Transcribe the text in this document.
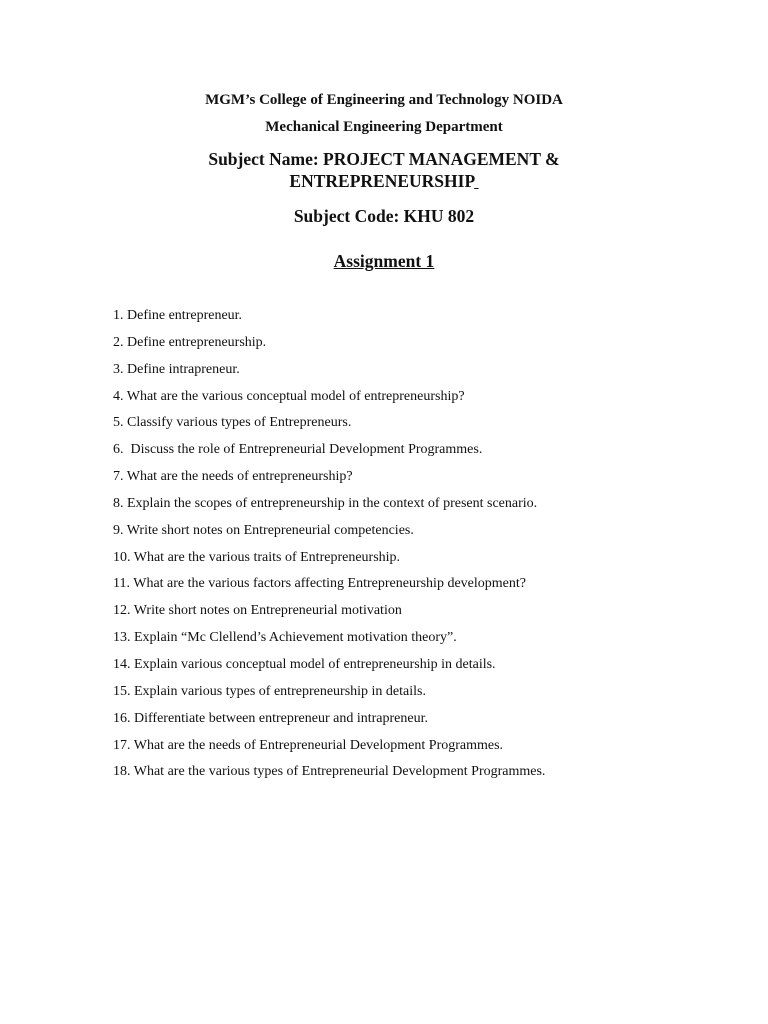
MGM’s College of Engineering and Technology NOIDA
Mechanical Engineering Department
Subject Name: PROJECT MANAGEMENT &
ENTREPRENEURSHIP
Subject Code: KHU 802
Assignment 1
1. Define entrepreneur.
2. Define entrepreneurship.
3. Define intrapreneur.
4. What are the various conceptual model of entrepreneurship?
5. Classify various types of Entrepreneurs.
6.  Discuss the role of Entrepreneurial Development Programmes.
7. What are the needs of entrepreneurship?
8. Explain the scopes of entrepreneurship in the context of present scenario.
9. Write short notes on Entrepreneurial competencies.
10. What are the various traits of Entrepreneurship.
11. What are the various factors affecting Entrepreneurship development?
12. Write short notes on Entrepreneurial motivation
13. Explain “Mc Clellend’s Achievement motivation theory”.
14. Explain various conceptual model of entrepreneurship in details.
15. Explain various types of entrepreneurship in details.
16. Differentiate between entrepreneur and intrapreneur.
17. What are the needs of Entrepreneurial Development Programmes.
18. What are the various types of Entrepreneurial Development Programmes.
